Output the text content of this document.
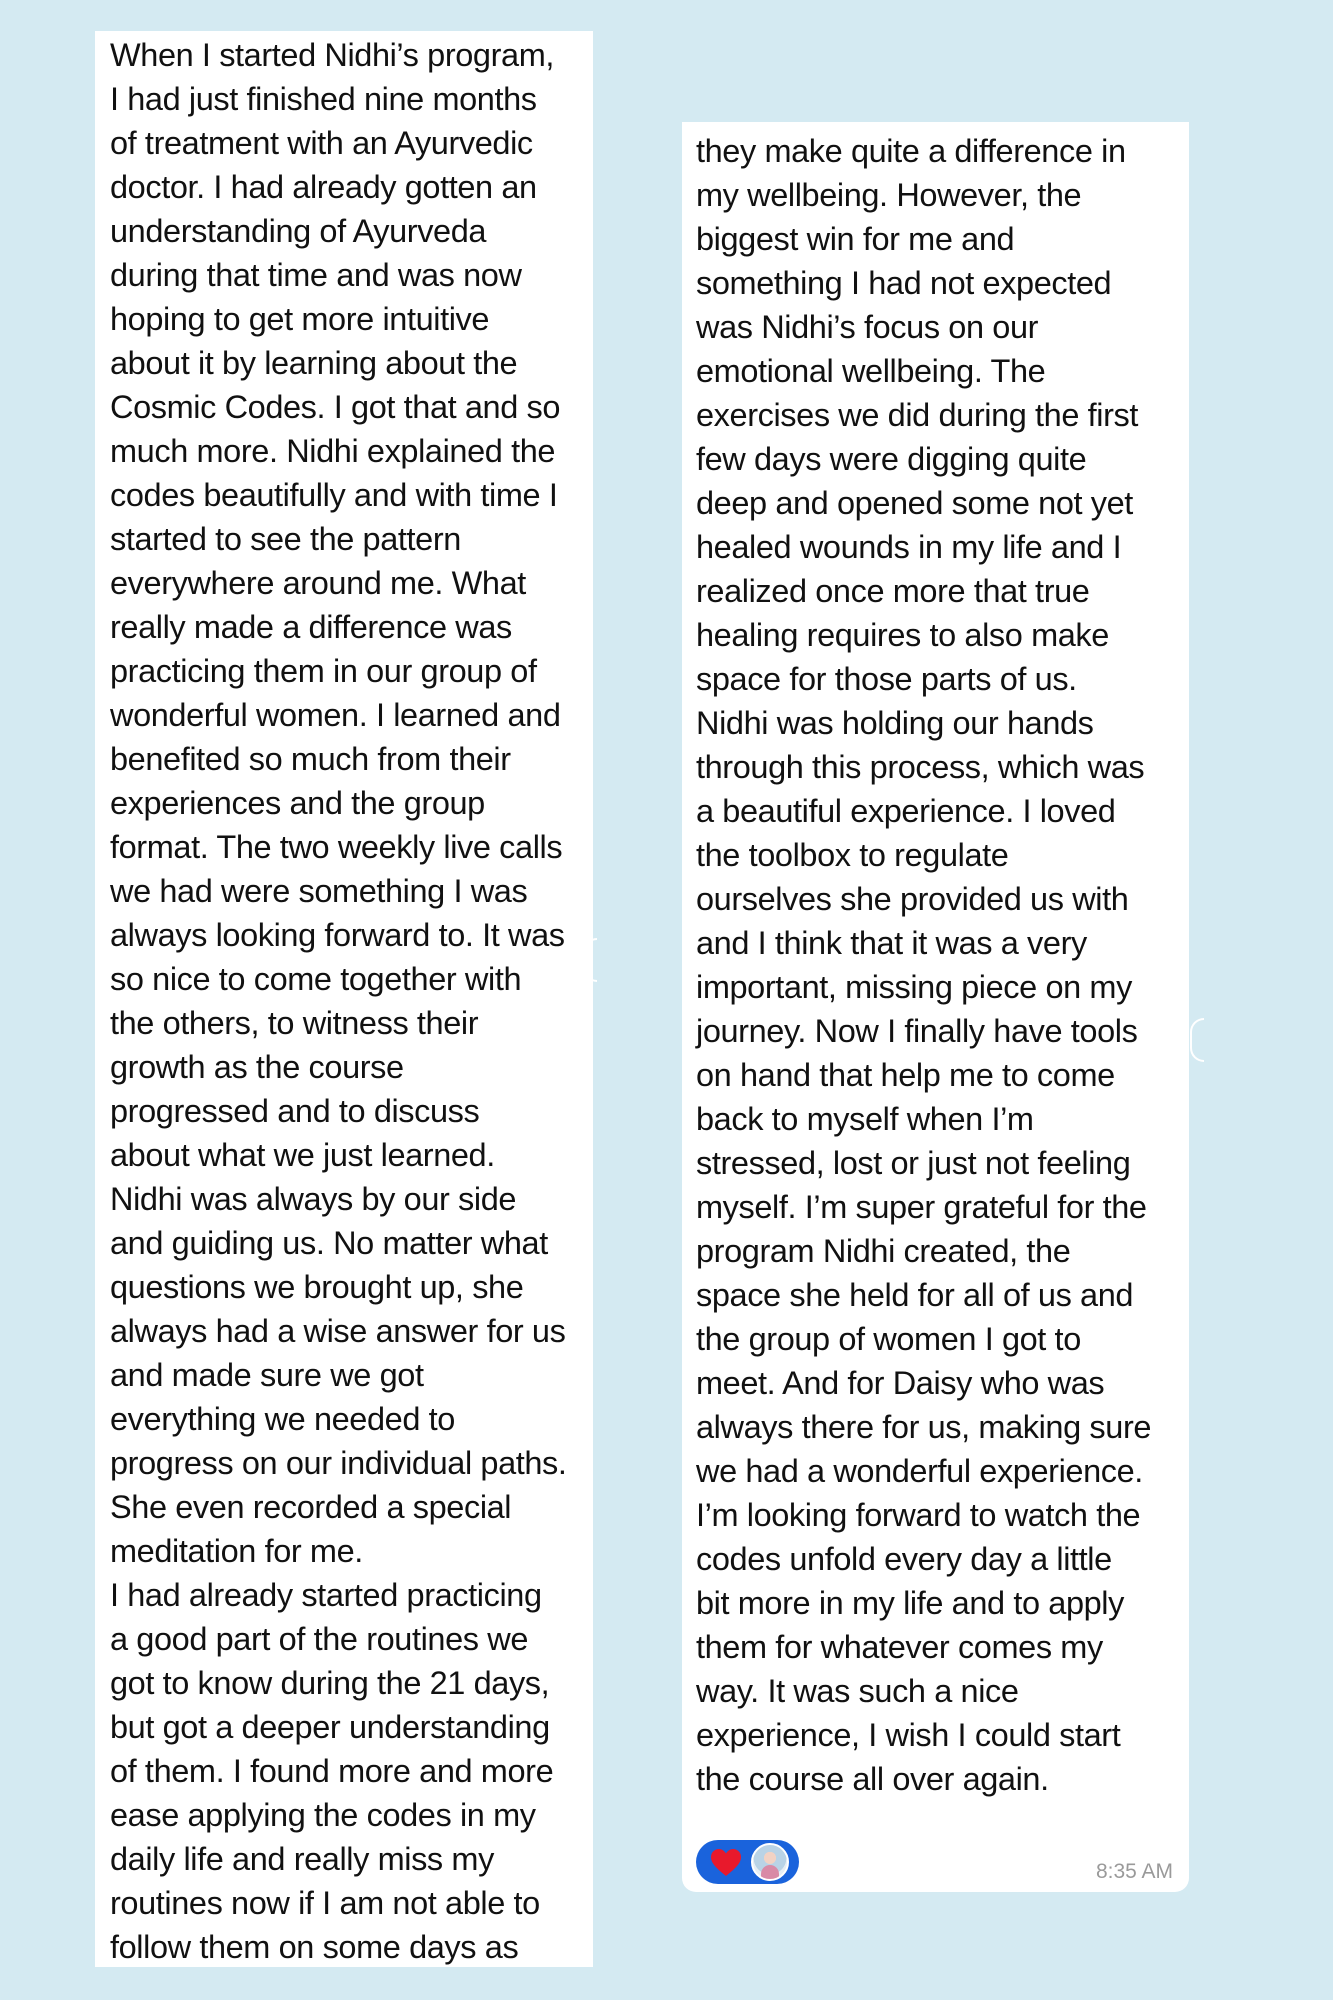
When I started Nidhi’s program,
I had just finished nine months
of treatment with an Ayurvedic
doctor. I had already gotten an
understanding of Ayurveda
during that time and was now
hoping to get more intuitive
about it by learning about the
Cosmic Codes. I got that and so
much more. Nidhi explained the
codes beautifully and with time I
started to see the pattern
everywhere around me. What
really made a difference was
practicing them in our group of
wonderful women. I learned and
benefited so much from their
experiences and the group
format. The two weekly live calls
we had were something I was
always looking forward to. It was
so nice to come together with
the others, to witness their
growth as the course
progressed and to discuss
about what we just learned.
Nidhi was always by our side
and guiding us. No matter what
questions we brought up, she
always had a wise answer for us
and made sure we got
everything we needed to
progress on our individual paths.
She even recorded a special
meditation for me.
I had already started practicing
a good part of the routines we
got to know during the 21 days,
but got a deeper understanding
of them. I found more and more
ease applying the codes in my
daily life and really miss my
routines now if I am not able to
follow them on some days as
they make quite a difference in
my wellbeing. However, the
biggest win for me and
something I had not expected
was Nidhi’s focus on our
emotional wellbeing. The
exercises we did during the first
few days were digging quite
deep and opened some not yet
healed wounds in my life and I
realized once more that true
healing requires to also make
space for those parts of us.
Nidhi was holding our hands
through this process, which was
a beautiful experience. I loved
the toolbox to regulate
ourselves she provided us with
and I think that it was a very
important, missing piece on my
journey. Now I finally have tools
on hand that help me to come
back to myself when I’m
stressed, lost or just not feeling
myself. I’m super grateful for the
program Nidhi created, the
space she held for all of us and
the group of women I got to
meet. And for Daisy who was
always there for us, making sure
we had a wonderful experience.
I’m looking forward to watch the
codes unfold every day a little
bit more in my life and to apply
them for whatever comes my
way. It was such a nice
experience, I wish I could start
the course all over again.
8:35 AM
